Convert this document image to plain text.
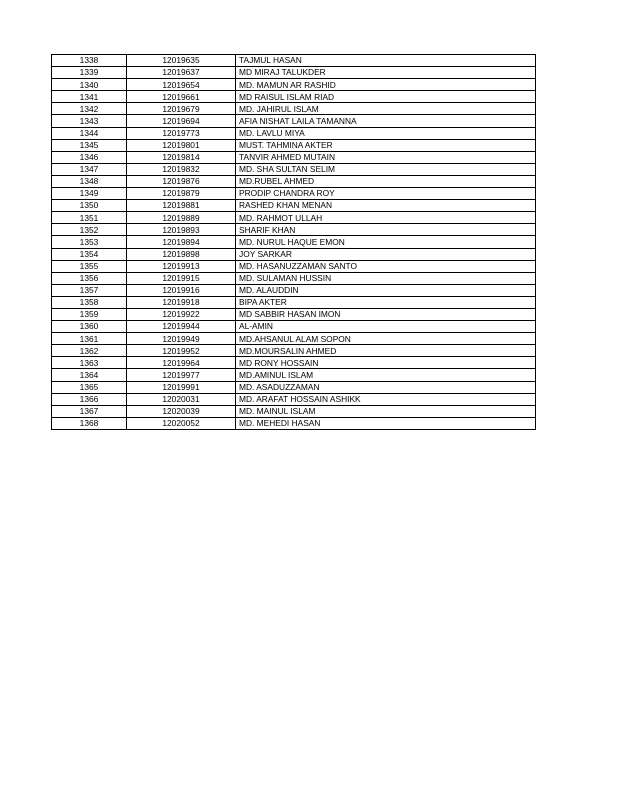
1338	12019635	TAJMUL HASAN
1339	12019637	MD MIRAJ TALUKDER
1340	12019654	MD. MAMUN AR RASHID
1341	12019661	MD RAISUL ISLAM RIAD
1342	12019679	MD. JAHIRUL ISLAM
1343	12019694	AFIA NISHAT LAILA TAMANNA
1344	12019773	MD. LAVLU MIYA
1345	12019801	MUST. TAHMINA AKTER
1346	12019814	TANVIR AHMED MUTAIN
1347	12019832	MD. SHA SULTAN SELIM
1348	12019876	MD.RUBEL AHMED
1349	12019879	PRODIP CHANDRA ROY
1350	12019881	RASHED KHAN MENAN
1351	12019889	MD. RAHMOT ULLAH
1352	12019893	SHARIF KHAN
1353	12019894	MD. NURUL HAQUE EMON
1354	12019898	JOY SARKAR
1355	12019913	MD. HASANUZZAMAN SANTO
1356	12019915	MD. SULAMAN HUSSIN
1357	12019916	MD. ALAUDDIN
1358	12019918	BIPA AKTER
1359	12019922	MD SABBIR HASAN IMON
1360	12019944	AL-AMIN
1361	12019949	MD.AHSANUL ALAM SOPON
1362	12019952	MD.MOURSALIN AHMED
1363	12019964	MD RONY HOSSAIN
1364	12019977	MD.AMINUL ISLAM
1365	12019991	MD. ASADUZZAMAN
1366	12020031	MD. ARAFAT HOSSAIN ASHIKK
1367	12020039	MD. MAINUL ISLAM
1368	12020052	MD. MEHEDI HASAN
